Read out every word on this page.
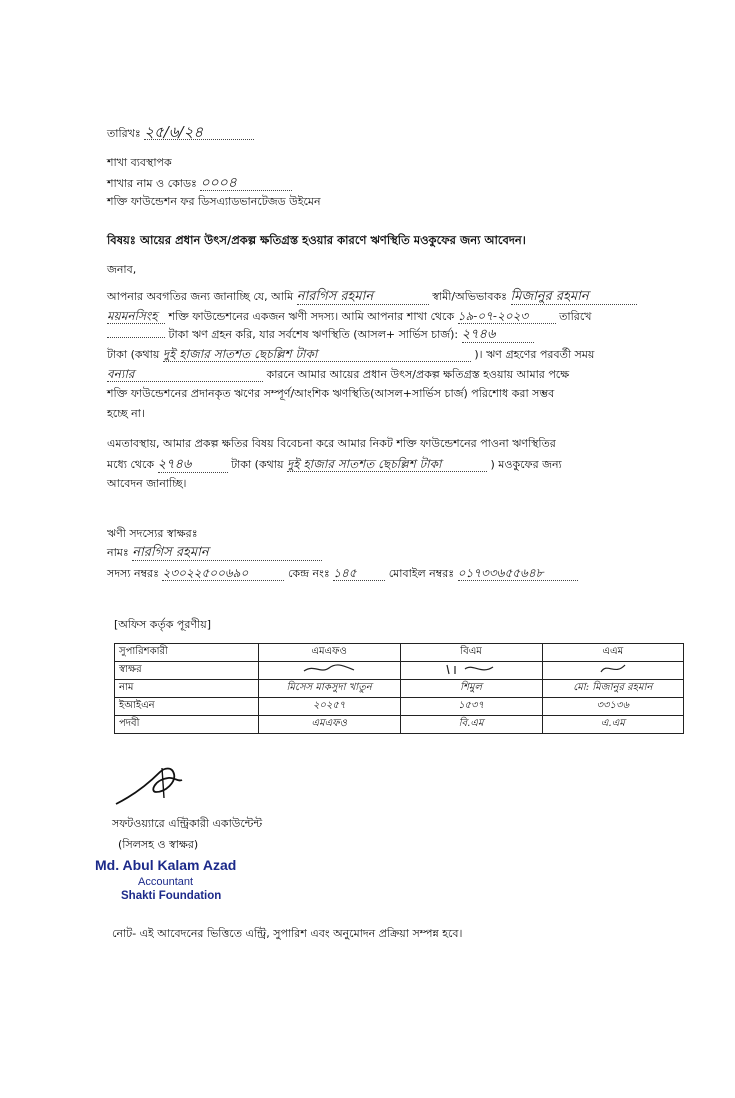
তারিখঃ ২৫/৬/২৪
শাখা ব্যবস্থাপক
শাখার নাম ও কোডঃ ০০০৪
শক্তি ফাউন্ডেশন ফর ডিসএ্যাডভানটেজড উইমেন
বিষয়ঃ আয়ের প্রধান উৎস/প্রকল্প ক্ষতিগ্রস্ত হওয়ার কারণে ঋণস্থিতি মওকুফের জন্য আবেদন।
জনাব,
আপনার অবগতির জন্য জানাচ্ছি যে, আমি নারগিস রহমান	স্বামী/অভিভাবকঃ মিজানুর রহমান
ময়মনসিংহ শক্তি ফাউন্ডেশনের একজন ঋণী সদস্য। আমি আপনার শাখা থেকে ১৯-০৭-২০২৩	তারিখে
টাকা ঋণ গ্রহন করি, যার সর্বশেষ ঋণস্থিতি (আসল+ সার্ভিস চার্জ): ২৭৪৬
টাকা (কথায় দুই হাজার সাতশত ছেচল্লিশ টাকা	)। ঋণ গ্রহণের পরবর্তী সময়
বন্যার	কারনে আমার আয়ের প্রধান উৎস/প্রকল্প ক্ষতিগ্রস্ত হওয়ায় আমার পক্ষে
শক্তি ফাউন্ডেশনের প্রদানকৃত ঋণের সম্পূর্ণ/আংশিক ঋণস্থিতি(আসল+সার্ভিস চার্জ) পরিশোধ করা সম্ভব
হচ্ছে না।
এমতাবস্থায়, আমার প্রকল্প ক্ষতির বিষয় বিবেচনা করে আমার নিকট শক্তি ফাউন্ডেশনের পাওনা ঋণস্থিতির
মধ্যে থেকে ২৭৪৬	টাকা (কথায় দুই হাজার সাতশত ছেচল্লিশ টাকা	) মওকুফের জন্য
আবেদন জানাচ্ছি।
ঋণী সদস্যের স্বাক্ষরঃ
নামঃ নারগিস রহমান
সদস্য নম্বরঃ ২৩০২২৫০০৬৯০	কেন্দ্র নংঃ ১৪৫	মোবাইল নম্বরঃ ০১৭৩৩৬৫৫৬৪৮
[অফিস কর্তৃক পূরণীয়]
সুপারিশকারী	এমএফও	বিএম	এএম
স্বাক্ষর			
নাম	মিসেস মাকসুদা খাতুন	শিমুল	মো: মিজানুর রহমান
ইআইএন	২০২৫৭	১৫৩৭	৩৩১৩৬
পদবী	এমএফও	বি.এম	এ.এম
সফটওয়্যারে এন্ট্রিকারী একাউন্টেন্ট
(সিলসহ ও স্বাক্ষর)
Md. Abul Kalam Azad
Accountant
Shakti Foundation
নোট- এই আবেদনের ভিত্তিতে এন্ট্রি, সুপারিশ এবং অনুমোদন প্রক্রিয়া সম্পন্ন হবে।
